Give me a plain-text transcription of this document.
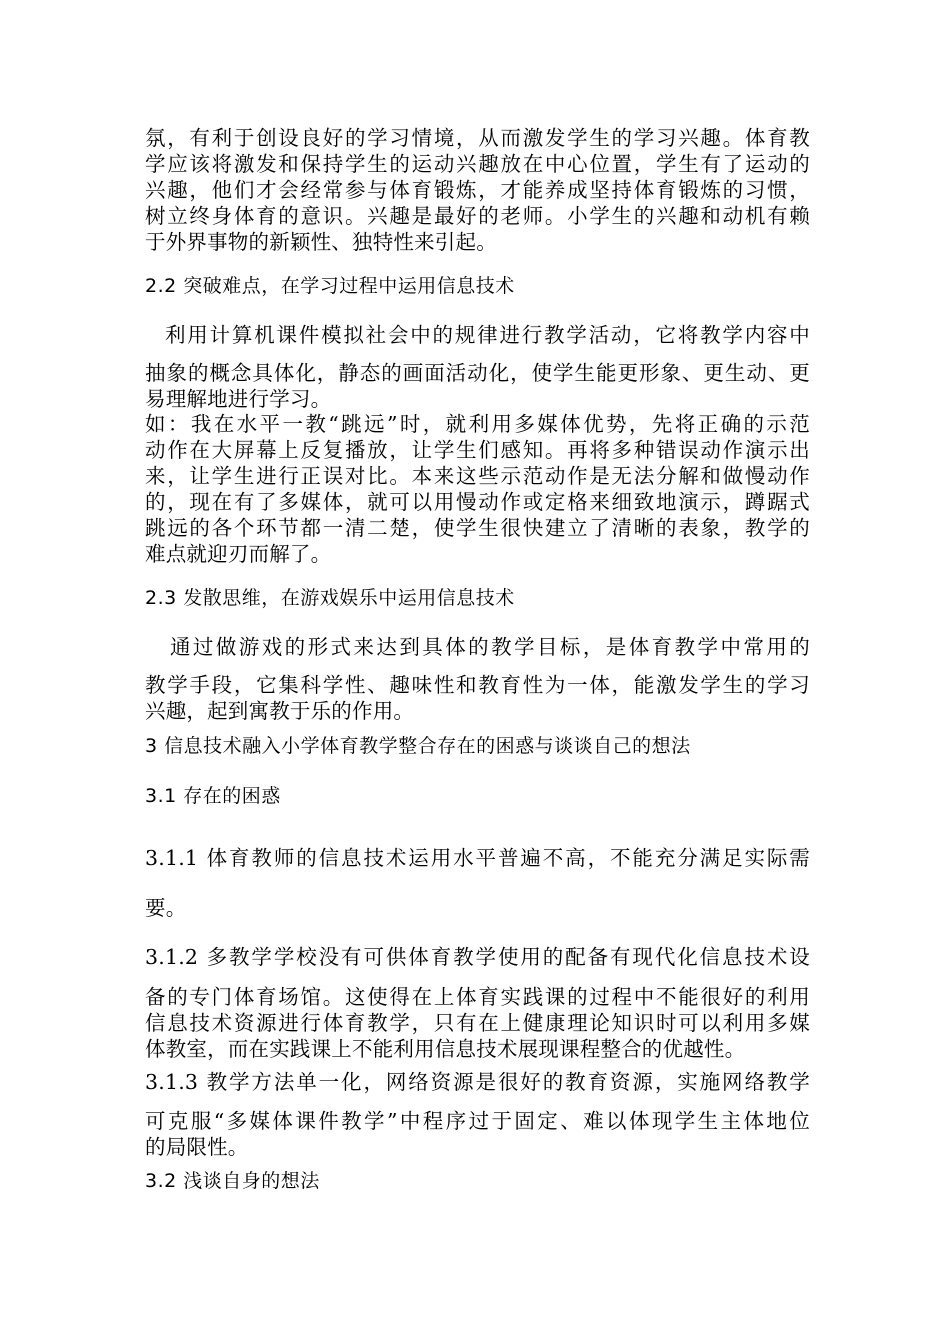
氛，有利于创设良好的学习情境，从而激发学生的学习兴趣。体育教
学应该将激发和保持学生的运动兴趣放在中心位置，学生有了运动的
兴趣，他们才会经常参与体育锻炼，才能养成坚持体育锻炼的习惯，
树立终身体育的意识。兴趣是最好的老师。小学生的兴趣和动机有赖
于外界事物的新颖性、独特性来引起。
2.2 突破难点，在学习过程中运用信息技术
利用计算机课件模拟社会中的规律进行教学活动，它将教学内容中
抽象的概念具体化，静态的画面活动化，使学生能更形象、更生动、更
易理解地进行学习。
如：我在水平一教“跳远”时，就利用多媒体优势，先将正确的示范
动作在大屏幕上反复播放，让学生们感知。再将多种错误动作演示出
来，让学生进行正误对比。本来这些示范动作是无法分解和做慢动作
的，现在有了多媒体，就可以用慢动作或定格来细致地演示，蹲踞式
跳远的各个环节都一清二楚，使学生很快建立了清晰的表象，教学的
难点就迎刃而解了。
2.3 发散思维，在游戏娱乐中运用信息技术
通过做游戏的形式来达到具体的教学目标，是体育教学中常用的
教学手段，它集科学性、趣味性和教育性为一体，能激发学生的学习
兴趣，起到寓教于乐的作用。
3 信息技术融入小学体育教学整合存在的困惑与谈谈自己的想法
3.1 存在的困惑
3.1.1 体育教师的信息技术运用水平普遍不高，不能充分满足实际需
要。
3.1.2 多教学学校没有可供体育教学使用的配备有现代化信息技术设
备的专门体育场馆。这使得在上体育实践课的过程中不能很好的利用
信息技术资源进行体育教学，只有在上健康理论知识时可以利用多媒
体教室，而在实践课上不能利用信息技术展现课程整合的优越性。
3.1.3 教学方法单一化，网络资源是很好的教育资源，实施网络教学
可克服“多媒体课件教学”中程序过于固定、难以体现学生主体地位
的局限性。
3.2 浅谈自身的想法
